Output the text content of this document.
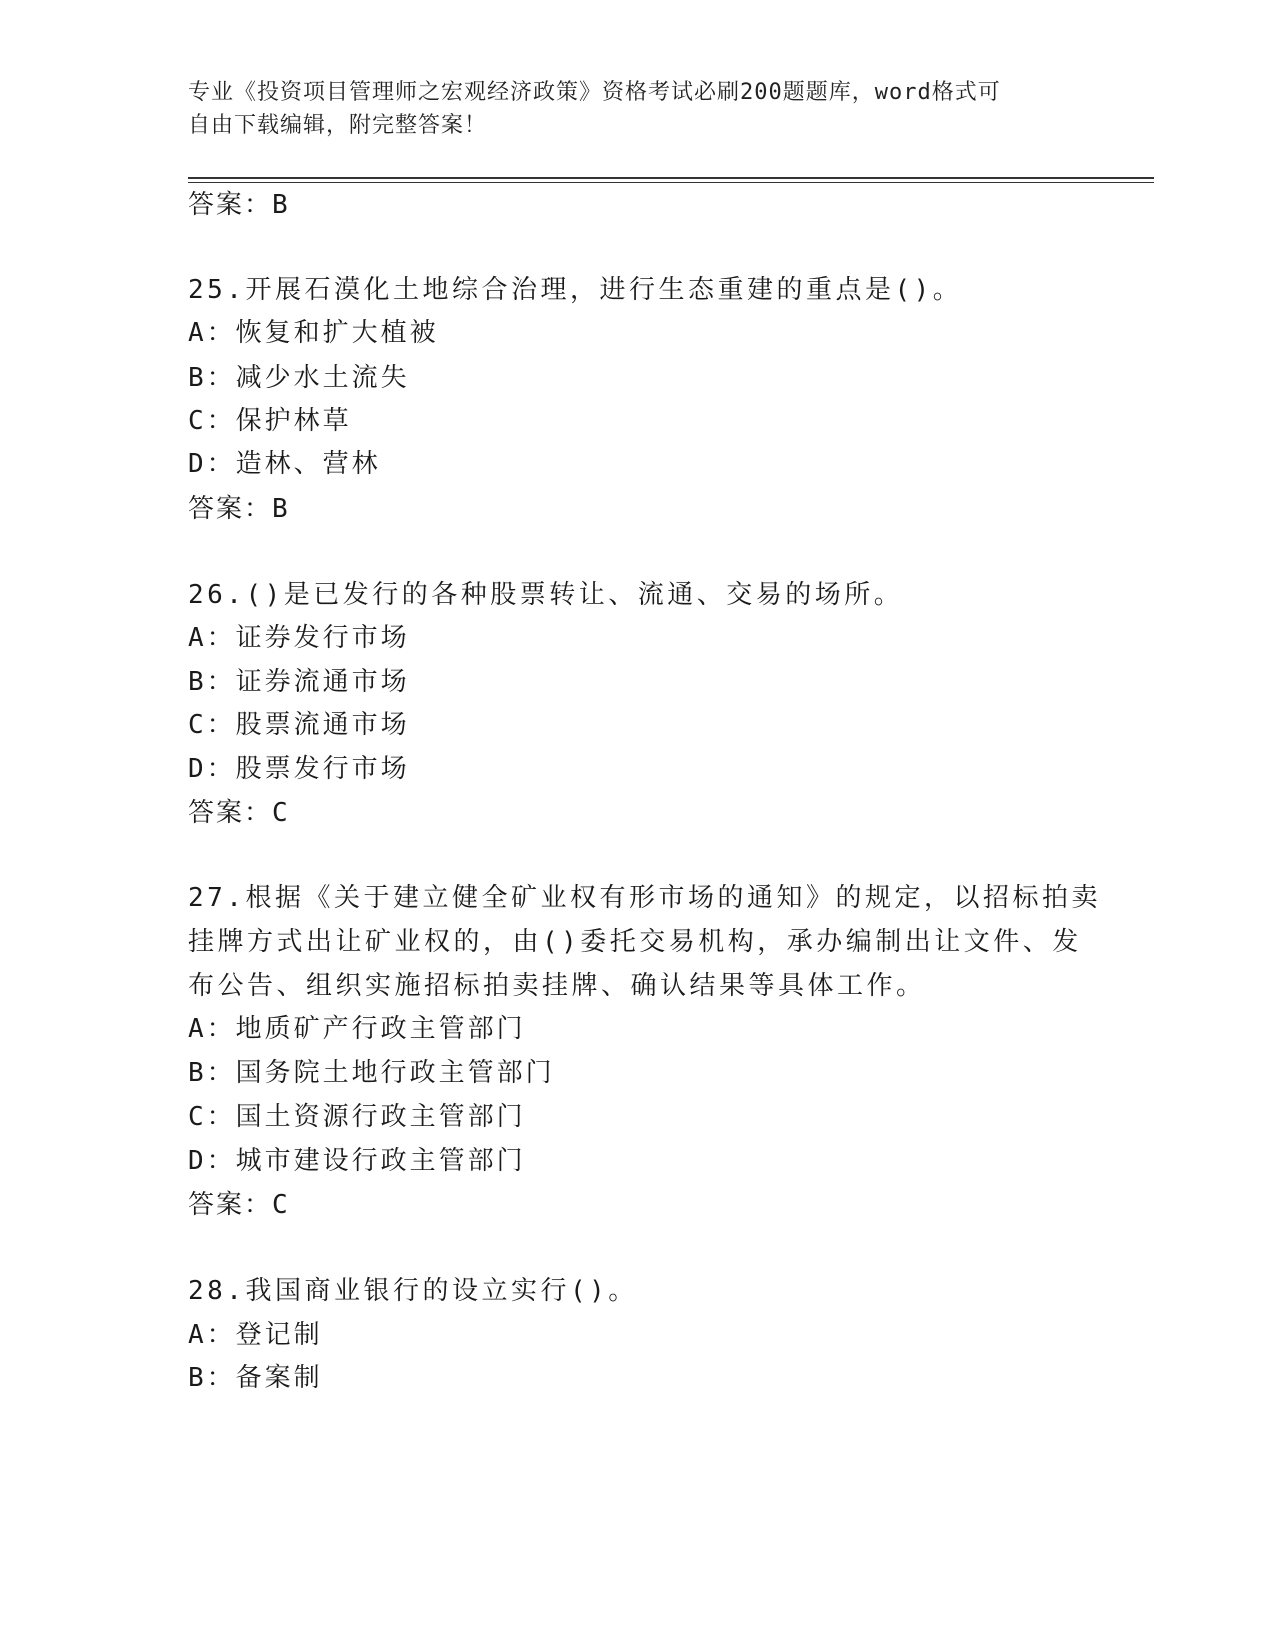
专业《投资项目管理师之宏观经济政策》资格考试必刷200题题库，word格式可
自由下载编辑，附完整答案！
答案：B
25.开展石漠化土地综合治理，进行生态重建的重点是()。
A：恢复和扩大植被
B：减少水土流失
C：保护林草
D：造林、营林
答案：B
26.()是已发行的各种股票转让、流通、交易的场所。
A：证券发行市场
B：证券流通市场
C：股票流通市场
D：股票发行市场
答案：C
27.根据《关于建立健全矿业权有形市场的通知》的规定，以招标拍卖
挂牌方式出让矿业权的，由()委托交易机构，承办编制出让文件、发
布公告、组织实施招标拍卖挂牌、确认结果等具体工作。
A：地质矿产行政主管部门
B：国务院土地行政主管部门
C：国土资源行政主管部门
D：城市建设行政主管部门
答案：C
28.我国商业银行的设立实行()。
A：登记制
B：备案制
